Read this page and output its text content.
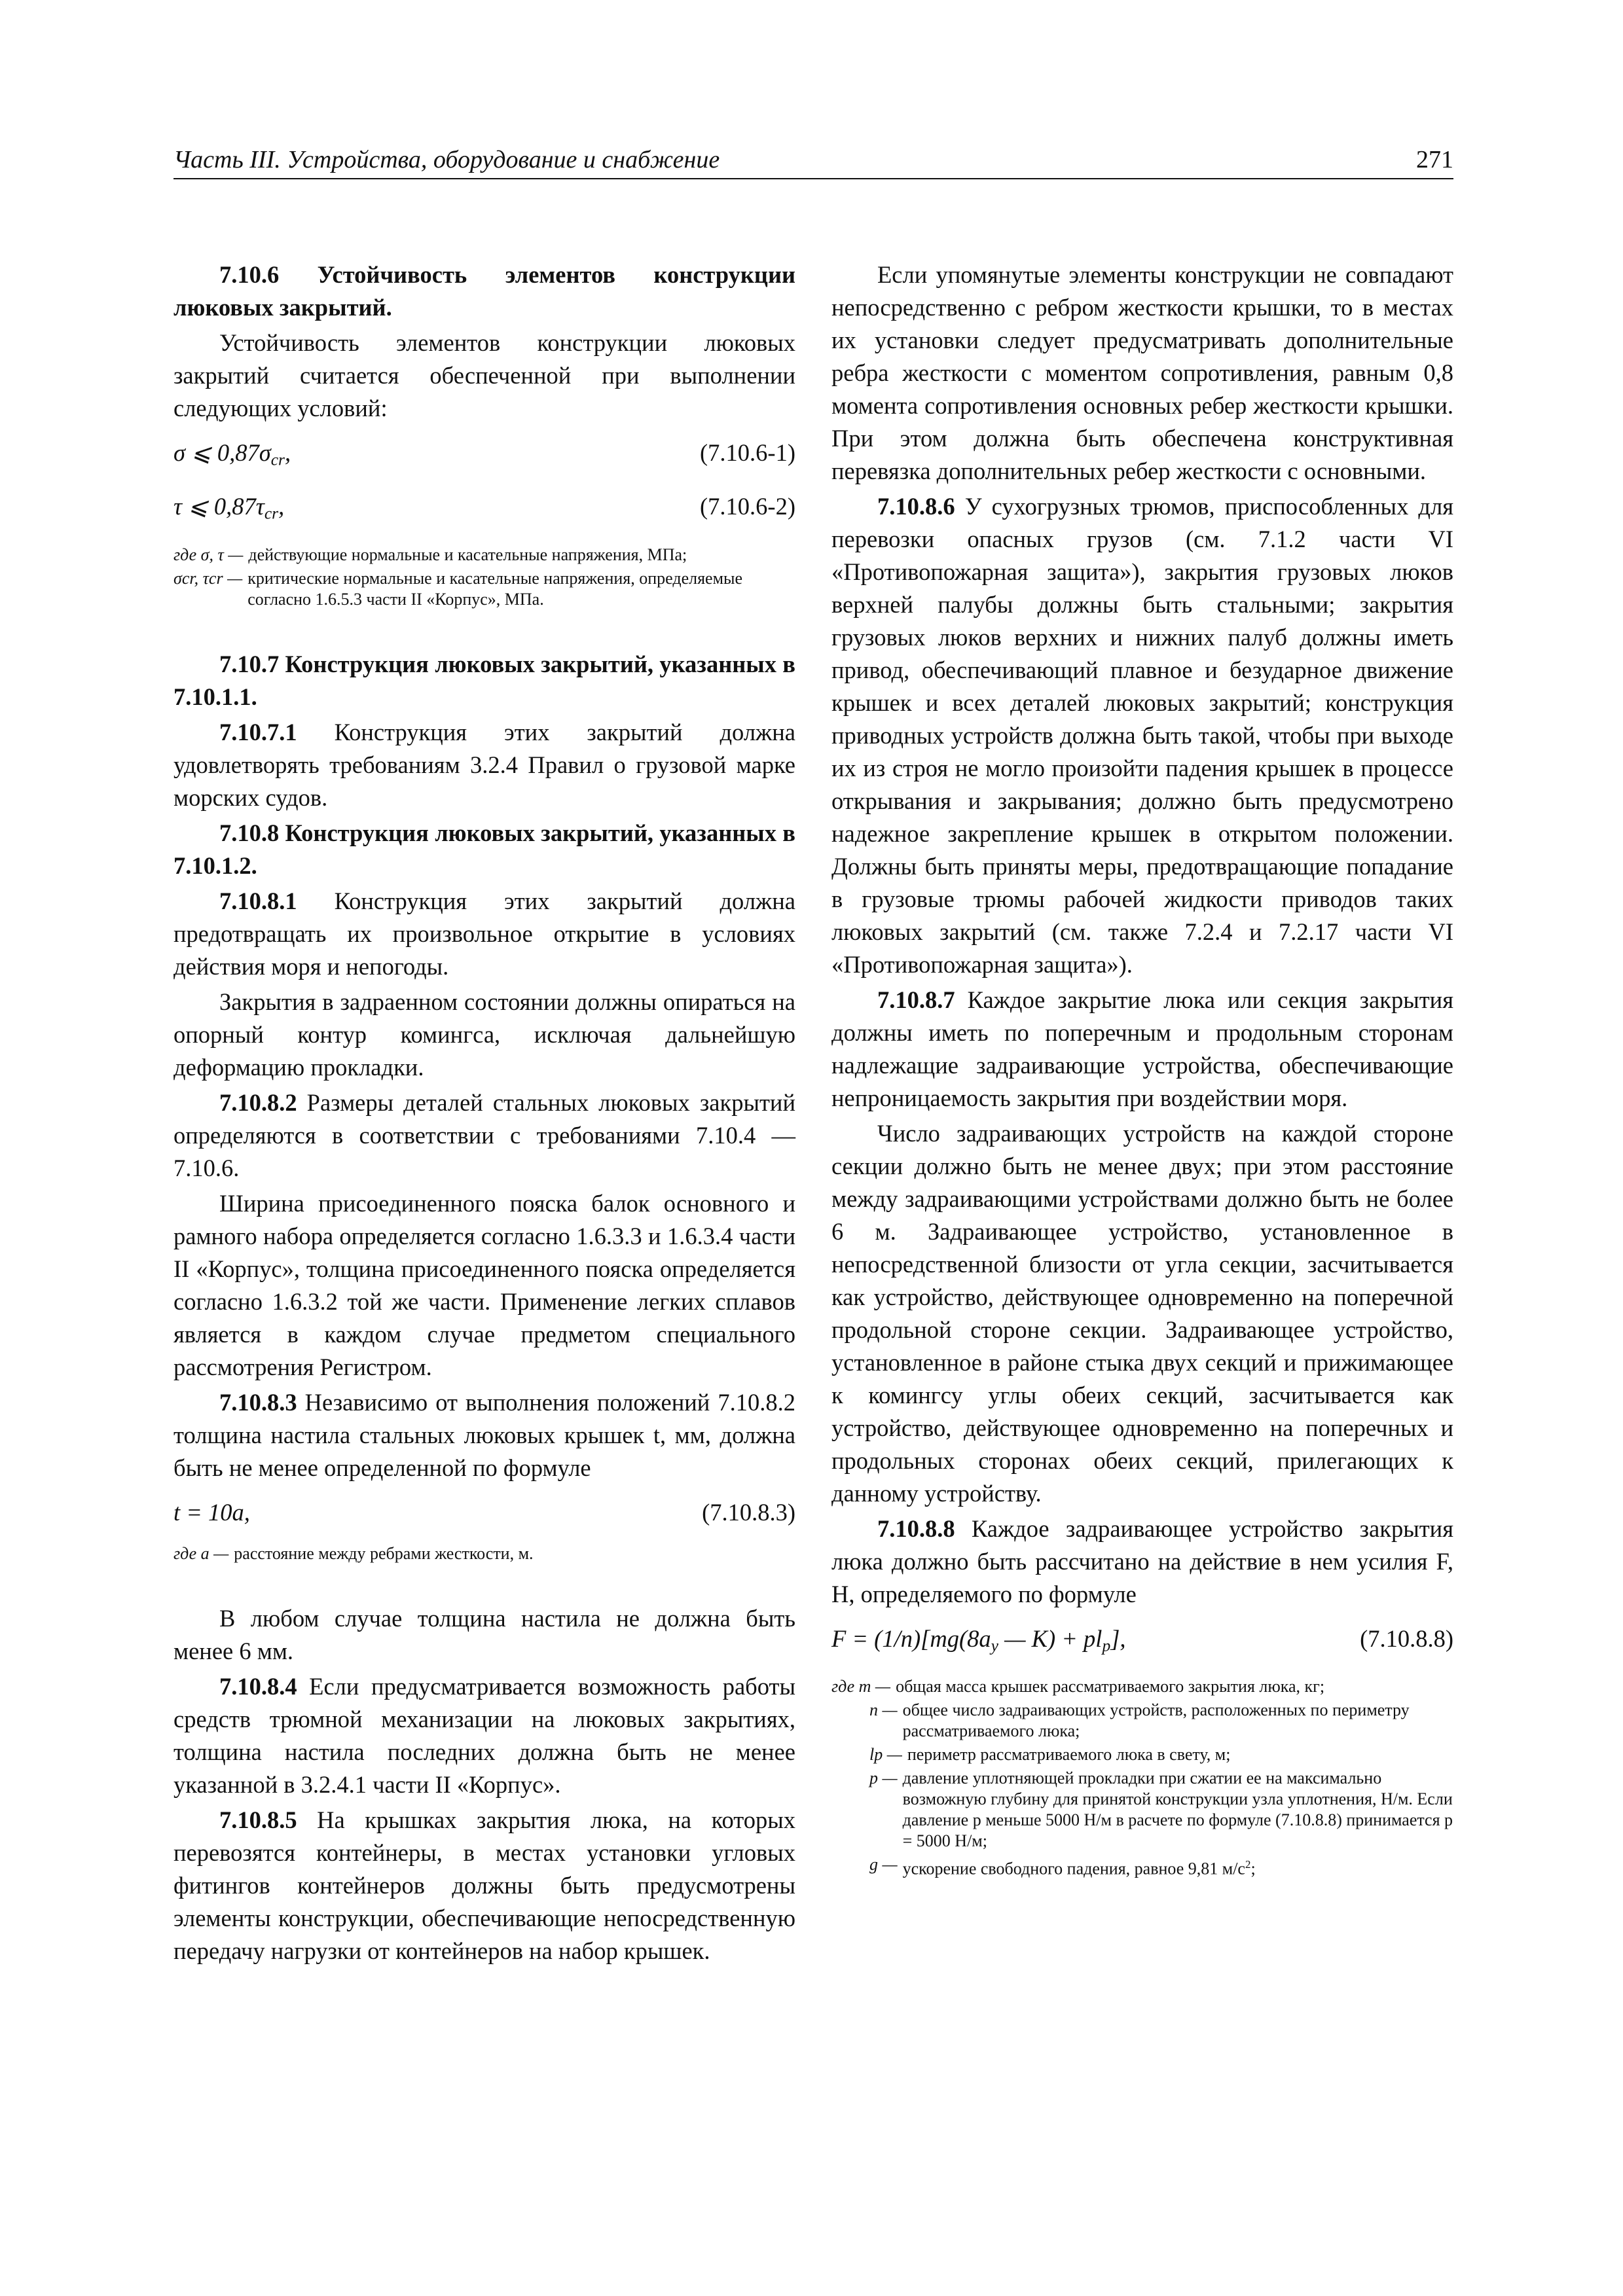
Часть III. Устройства, оборудование и снабжение	271

7.10.6 Устойчивость элементов конструкции люковых закрытий.

Устойчивость элементов конструкции люковых закрытий считается обеспеченной при выполнении следующих условий:

σ ⩽ $0,87\sigma_{cr}$,	(7.10.6-1)
τ ⩽ $0,87\tau_{cr}$,	(7.10.6-2)
где σ, τ — действующие нормальные и касательные напряжения, МПа;
σcr, τcr — критические нормальные и касательные напряжения, определяемые согласно 1.6.5.3 части II «Корпус», МПа.

7.10.7 Конструкция люковых закрытий, указанных в 7.10.1.1.

7.10.7.1 Конструкция этих закрытий должна удовлетворять требованиям 3.2.4 Правил о грузовой марке морских судов.

7.10.8 Конструкция люковых закрытий, указанных в 7.10.1.2.

7.10.8.1 Конструкция этих закрытий должна предотвращать их произвольное открытие в условиях действия моря и непогоды.

Закрытия в задраенном состоянии должны опираться на опорный контур комингса, исключая дальнейшую деформацию прокладки.

7.10.8.2 Размеры деталей стальных люковых закрытий определяются в соответствии с требованиями 7.10.4 — 7.10.6.

Ширина присоединенного пояска балок основного и рамного набора определяется согласно 1.6.3.3 и 1.6.3.4 части II «Корпус», толщина присоединенного пояска определяется согласно 1.6.3.2 той же части. Применение легких сплавов является в каждом случае предметом специального рассмотрения Регистром.

7.10.8.3 Независимо от выполнения положений 7.10.8.2 толщина настила стальных люковых крышек t, мм, должна быть не менее определенной по формуле

t = 10a,	(7.10.8.3)
где a — расстояние между ребрами жесткости, м.

В любом случае толщина настила не должна быть менее 6 мм.

7.10.8.4 Если предусматривается возможность работы средств трюмной механизации на люковых закрытиях, толщина настила последних должна быть не менее указанной в 3.2.4.1 части II «Корпус».

7.10.8.5 На крышках закрытия люка, на которых перевозятся контейнеры, в местах установки угловых фитингов контейнеров должны быть предусмотрены элементы конструкции, обеспечивающие непосредственную передачу нагрузки от контейнеров на набор крышек.

Если упомянутые элементы конструкции не совпадают непосредственно с ребром жесткости крышки, то в местах их установки следует предусматривать дополнительные ребра жесткости с моментом сопротивления, равным 0,8 момента сопротивления основных ребер жесткости крышки. При этом должна быть обеспечена конструктивная перевязка дополнительных ребер жесткости с основными.

7.10.8.6 У сухогрузных трюмов, приспособленных для перевозки опасных грузов (см. 7.1.2 части VI «Противопожарная защита»), закрытия грузовых люков верхней палубы должны быть стальными; закрытия грузовых люков верхних и нижних палуб должны иметь привод, обеспечивающий плавное и безударное движение крышек и всех деталей люковых закрытий; конструкция приводных устройств должна быть такой, чтобы при выходе их из строя не могло произойти падения крышек в процессе открывания и закрывания; должно быть предусмотрено надежное закрепление крышек в открытом положении. Должны быть приняты меры, предотвращающие попадание в грузовые трюмы рабочей жидкости приводов таких люковых закрытий (см. также 7.2.4 и 7.2.17 части VI «Противопожарная защита»).

7.10.8.7 Каждое закрытие люка или секция закрытия должны иметь по поперечным и продольным сторонам надлежащие задраивающие устройства, обеспечивающие непроницаемость закрытия при воздействии моря.

Число задраивающих устройств на каждой стороне секции должно быть не менее двух; при этом расстояние между задраивающими устройствами должно быть не более 6 м. Задраивающее устройство, установленное в непосредственной близости от угла секции, засчитывается как устройство, действующее одновременно на поперечной продольной стороне секции. Задраивающее устройство, установленное в районе стыка двух секций и прижимающее к комингсу углы обеих секций, засчитывается как устройство, действующее одновременно на поперечных и продольных сторонах обеих секций, прилегающих к данному устройству.

7.10.8.8 Каждое задраивающее устройство закрытия люка должно быть рассчитано на действие в нем усилия F, Н, определяемого по формуле

$F = (1/n)[mg(8a_y$ — $K) + pl_p$],	(7.10.8.8)
где m — общая масса крышек рассматриваемого закрытия люка, кг;
n — общее число задраивающих устройств, расположенных по периметру рассматриваемого люка;
lp — периметр рассматриваемого люка в свету, м;
p — давление уплотняющей прокладки при сжатии ее на максимально возможную глубину для принятой конструкции узла уплотнения, Н/м. Если давление p меньше 5000 Н/м в расчете по формуле (7.10.8.8) принимается p = 5000 Н/м;
g — ускорение свободного падения, равное 9,81 $м/с^2$;
